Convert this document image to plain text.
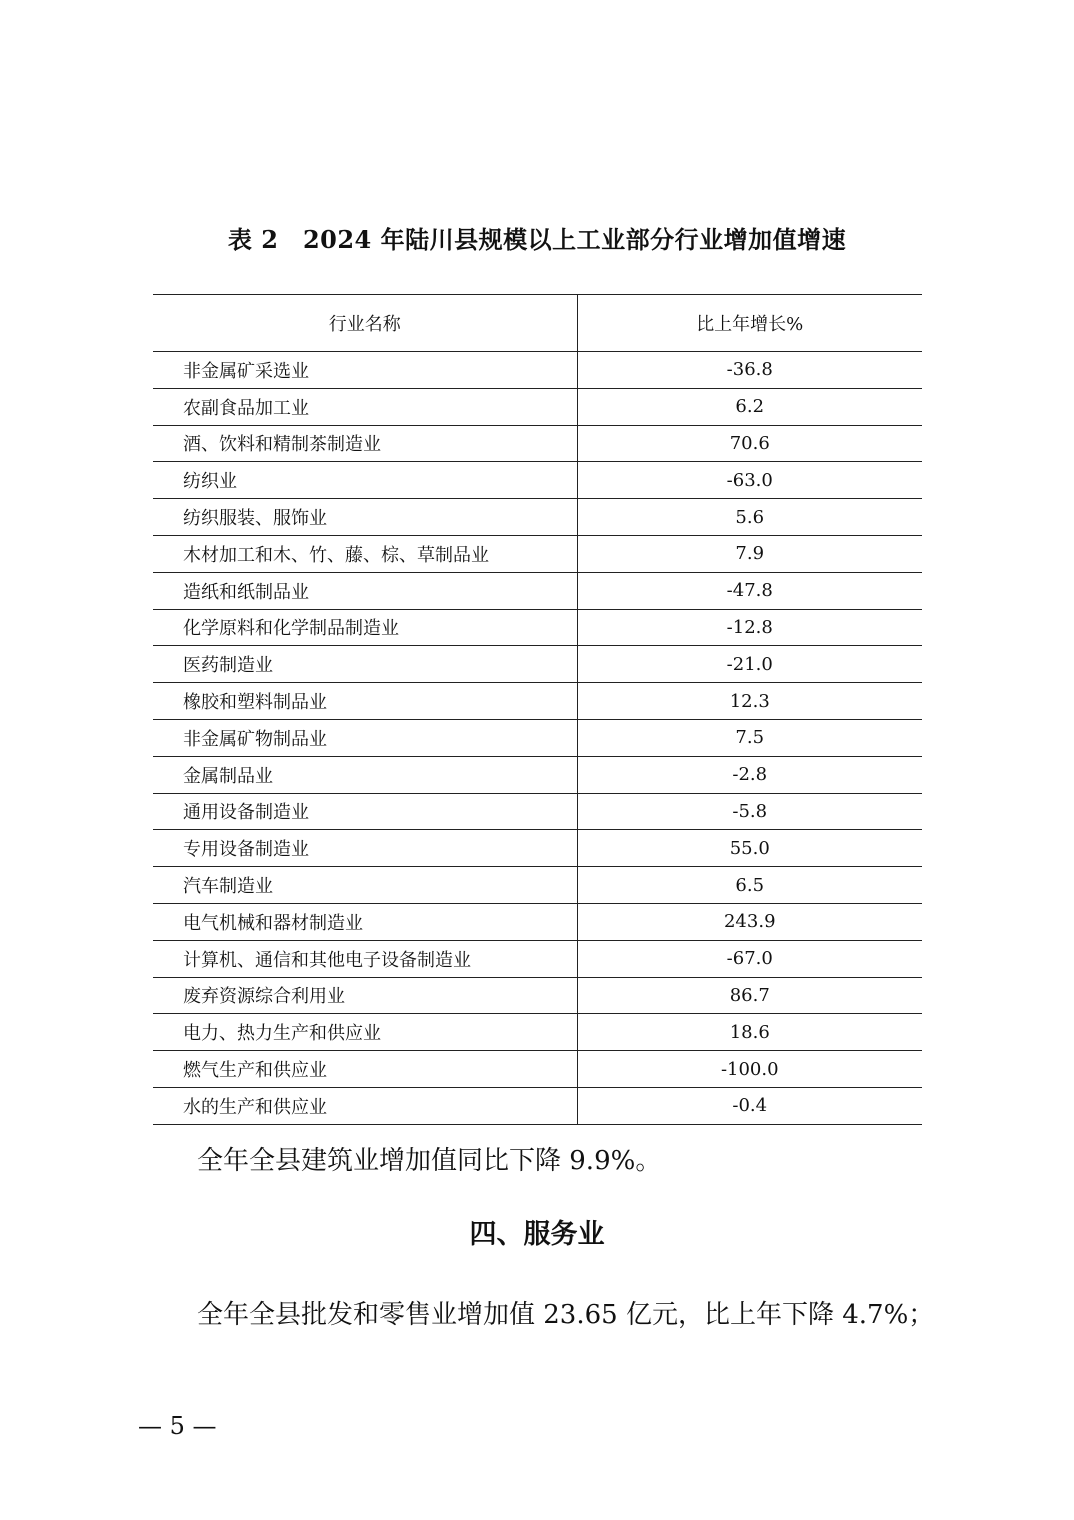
表 2　2024 年陆川县规模以上工业部分行业增加值增速
行业名称	比上年增长%
非金属矿采选业	-36.8
农副食品加工业	6.2
酒、饮料和精制茶制造业	70.6
纺织业	-63.0
纺织服装、服饰业	5.6
木材加工和木、竹、藤、棕、草制品业	7.9
造纸和纸制品业	-47.8
化学原料和化学制品制造业	-12.8
医药制造业	-21.0
橡胶和塑料制品业	12.3
非金属矿物制品业	7.5
金属制品业	-2.8
通用设备制造业	-5.8
专用设备制造业	55.0
汽车制造业	6.5
电气机械和器材制造业	243.9
计算机、通信和其他电子设备制造业	-67.0
废弃资源综合利用业	86.7
电力、热力生产和供应业	18.6
燃气生产和供应业	-100.0
水的生产和供应业	-0.4
全年全县建筑业增加值同比下降 9.9%。
四、服务业
全年全县批发和零售业增加值 23.65 亿元，比上年下降 4.7%；
— 5 —
